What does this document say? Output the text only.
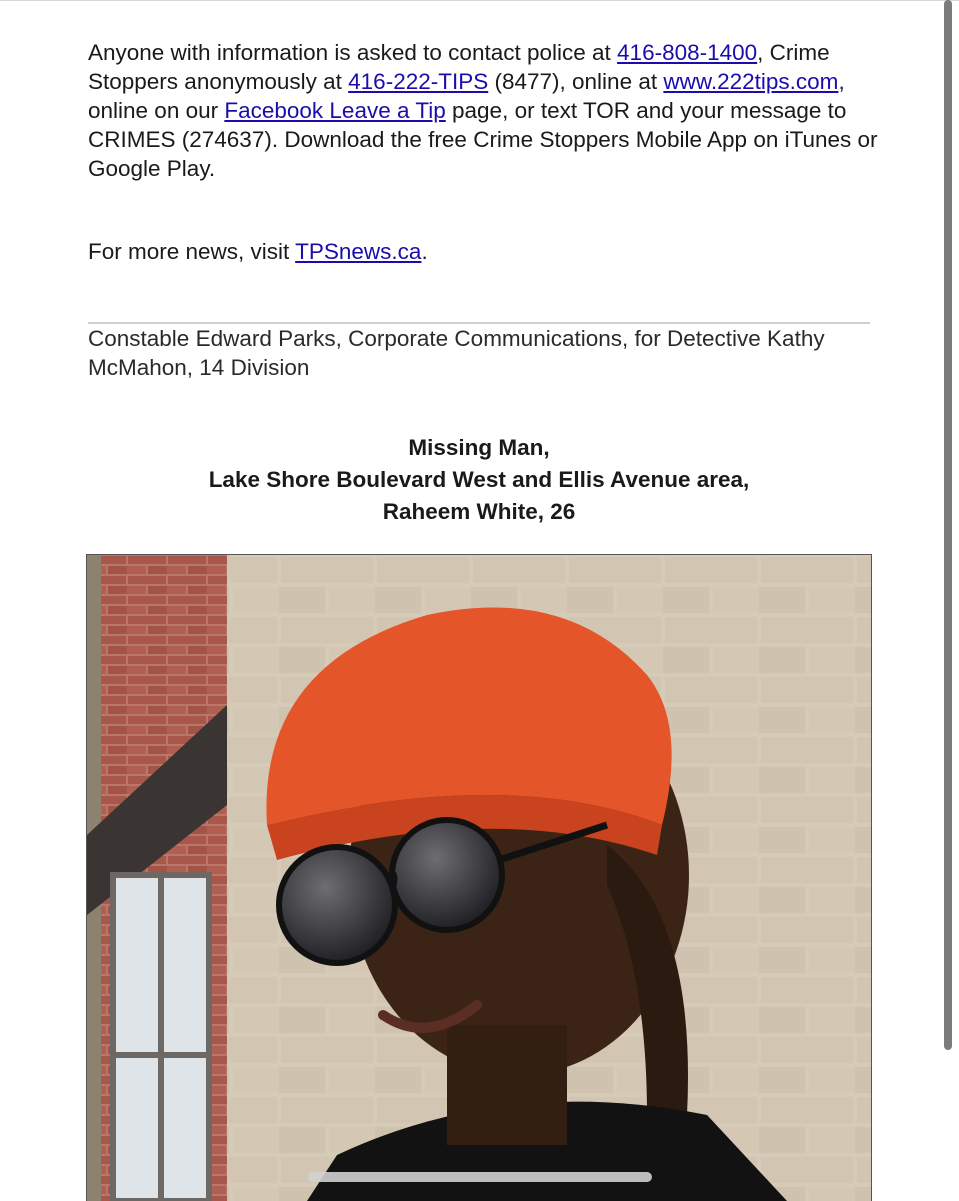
Anyone with information is asked to contact police at 416-808-1400, Crime Stoppers anonymously at 416-222-TIPS (8477), online at www.222tips.com, online on our Facebook Leave a Tip page, or text TOR and your message to CRIMES (274637). Download the free Crime Stoppers Mobile App on iTunes or Google Play.

For more news, visit TPSnews.ca.

Constable Edward Parks, Corporate Communications, for Detective Kathy McMahon, 14 Division

Missing Man,
Lake Shore Boulevard West and Ellis Avenue area,
Raheem White, 26
